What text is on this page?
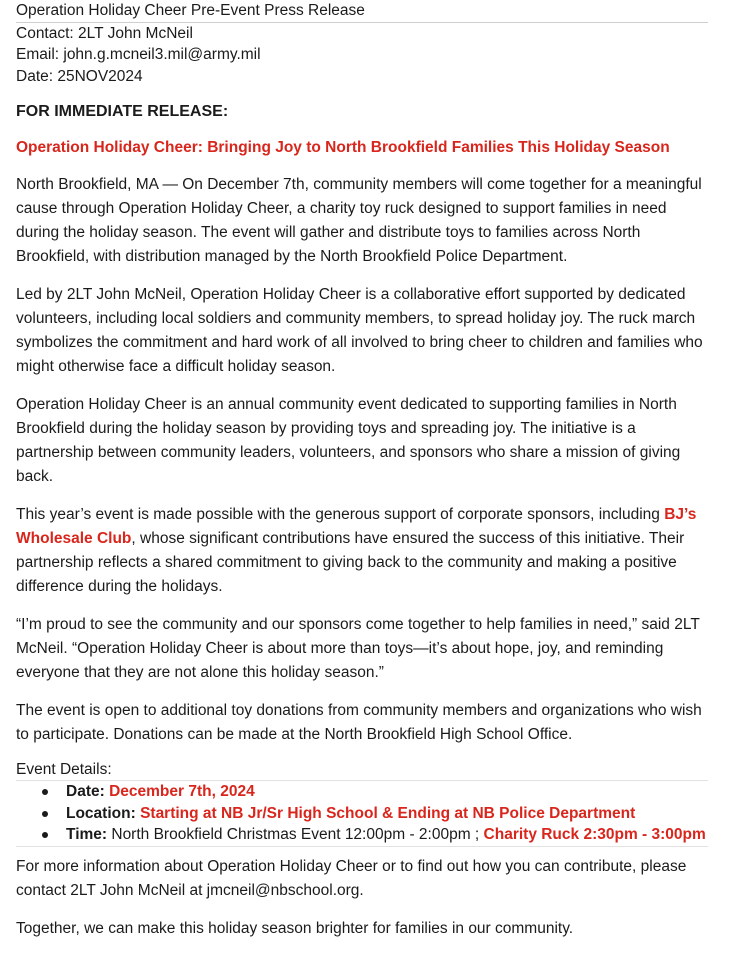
Operation Holiday Cheer Pre-Event Press Release
Contact: 2LT John McNeil
Email: john.g.mcneil3.mil@army.mil
Date: 25NOV2024
FOR IMMEDIATE RELEASE:
Operation Holiday Cheer: Bringing Joy to North Brookfield Families This Holiday Season

North Brookfield, MA — On December 7th, community members will come together for a meaningful cause through Operation Holiday Cheer, a charity toy ruck designed to support families in need during the holiday season. The event will gather and distribute toys to families across North Brookfield, with distribution managed by the North Brookfield Police Department.

Led by 2LT John McNeil, Operation Holiday Cheer is a collaborative effort supported by dedicated volunteers, including local soldiers and community members, to spread holiday joy. The ruck march symbolizes the commitment and hard work of all involved to bring cheer to children and families who might otherwise face a difficult holiday season.

Operation Holiday Cheer is an annual community event dedicated to supporting families in North Brookfield during the holiday season by providing toys and spreading joy. The initiative is a partnership between community leaders, volunteers, and sponsors who share a mission of giving back.

This year’s event is made possible with the generous support of corporate sponsors, including BJ’s Wholesale Club, whose significant contributions have ensured the success of this initiative. Their partnership reflects a shared commitment to giving back to the community and making a positive difference during the holidays.

“I’m proud to see the community and our sponsors come together to help families in need,” said 2LT McNeil. “Operation Holiday Cheer is about more than toys—it’s about hope, joy, and reminding everyone that they are not alone this holiday season.”

The event is open to additional toy donations from community members and organizations who wish to participate. Donations can be made at the North Brookfield High School Office.

Event Details:
Date: December 7th, 2024
Location: Starting at NB Jr/Sr High School & Ending at NB Police Department
Time: North Brookfield Christmas Event 12:00pm - 2:00pm ; Charity Ruck 2:30pm - 3:00pm

For more information about Operation Holiday Cheer or to find out how you can contribute, please contact 2LT John McNeil at jmcneil@nbschool.org.

Together, we can make this holiday season brighter for families in our community.
